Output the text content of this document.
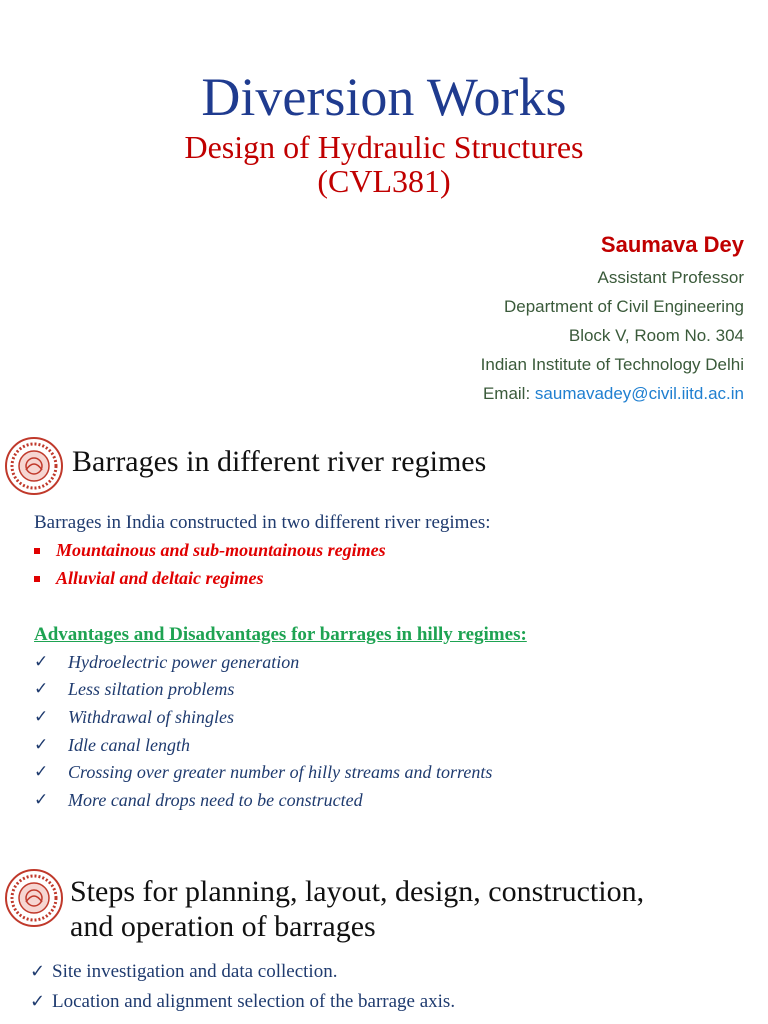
Diversion Works
Design of Hydraulic Structures
(CVL381)
Saumava Dey
Assistant Professor
Department of Civil Engineering
Block V, Room No. 304
Indian Institute of Technology Delhi
Email: saumavadey@civil.iitd.ac.in
Barrages in different river regimes
Barrages in India constructed in two different river regimes:
Mountainous and sub-mountainous regimes
Alluvial and deltaic regimes
Advantages and Disadvantages for barrages in hilly regimes:
✓ Hydroelectric power generation
✓ Less siltation problems
✓ Withdrawal of shingles
✓ Idle canal length
✓ Crossing over greater number of hilly streams and torrents
✓ More canal drops need to be constructed
Steps for planning, layout, design, construction,
and operation of barrages
✓ Site investigation and data collection.
✓ Location and alignment selection of the barrage axis.
